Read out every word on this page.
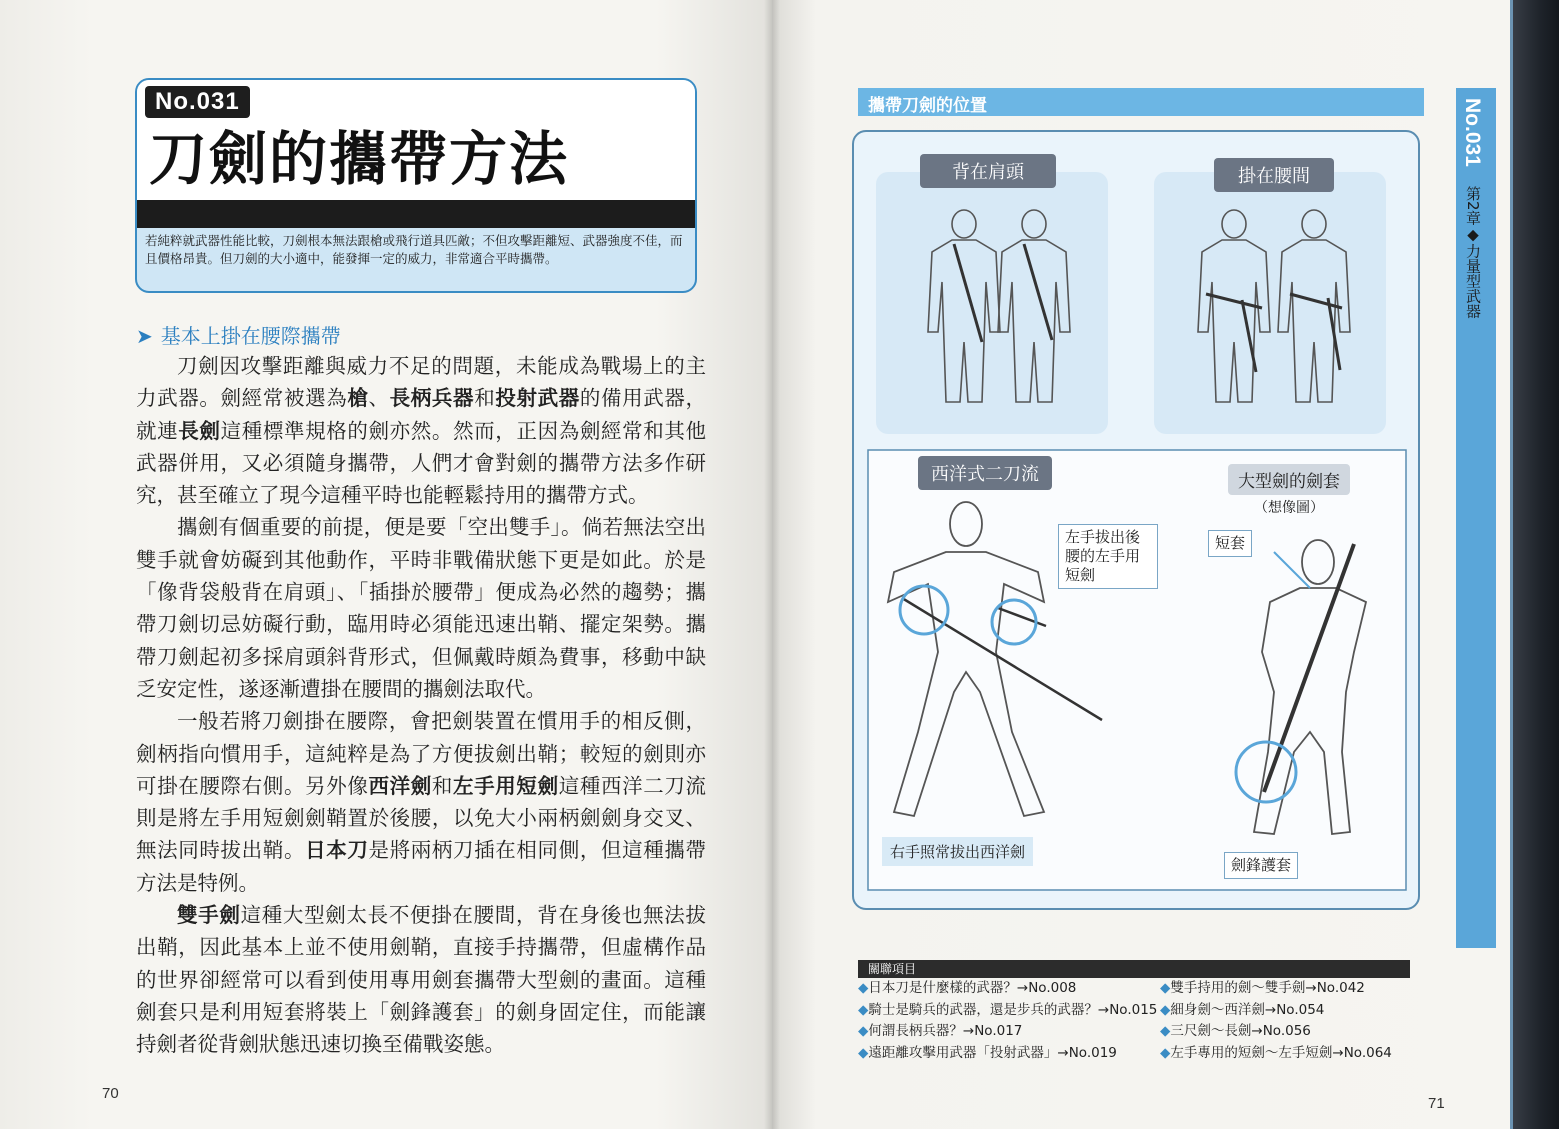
No.031
刀劍的攜帶方法
若純粹就武器性能比較，刀劍根本無法跟槍或飛行道具匹敵；不但攻擊距離短、武器強度不佳，而且價格昂貴。但刀劍的大小適中，能發揮一定的威力，非常適合平時攜帶。
➤ 基本上掛在腰際攜帶

刀劍因攻擊距離與威力不足的問題，未能成為戰場上的主力武器。劍經常被選為槍、長柄兵器和投射武器的備用武器，就連長劍這種標準規格的劍亦然。然而，正因為劍經常和其他武器併用，又必須隨身攜帶，人們才會對劍的攜帶方法多作研究，甚至確立了現今這種平時也能輕鬆持用的攜帶方式。

攜劍有個重要的前提，便是要「空出雙手」。倘若無法空出雙手就會妨礙到其他動作，平時非戰備狀態下更是如此。於是「像背袋般背在肩頭」、「插掛於腰帶」便成為必然的趨勢；攜帶刀劍切忌妨礙行動，臨用時必須能迅速出鞘、擺定架勢。攜帶刀劍起初多採肩頭斜背形式，但佩戴時頗為費事，移動中缺乏安定性，遂逐漸遭掛在腰間的攜劍法取代。

一般若將刀劍掛在腰際，會把劍裝置在慣用手的相反側，劍柄指向慣用手，這純粹是為了方便拔劍出鞘；較短的劍則亦可掛在腰際右側。另外像西洋劍和左手用短劍這種西洋二刀流則是將左手用短劍劍鞘置於後腰，以免大小兩柄劍劍身交叉、無法同時拔出鞘。日本刀是將兩柄刀插在相同側，但這種攜帶方法是特例。

雙手劍這種大型劍太長不便掛在腰間，背在身後也無法拔出鞘，因此基本上並不使用劍鞘，直接手持攜帶，但虛構作品的世界卻經常可以看到使用專用劍套攜帶大型劍的畫面。這種劍套只是利用短套將裝上「劍鋒護套」的劍身固定住，而能讓持劍者從背劍狀態迅速切換至備戰姿態。

70
攜帶刀劍的位置
背在肩頭	掛在腰間
西洋式二刀流	大型劍的劍套
（想像圖）
左手拔出後腰的左手用短劍
短套
右手照常拔出西洋劍
劍鋒護套
關聯項目
◆日本刀是什麼樣的武器？→No.008	◆雙手持用的劍～雙手劍→No.042
◆騎士是騎兵的武器，還是步兵的武器？→No.015 ◆細身劍～西洋劍→No.054
◆何謂長柄兵器？→No.017	◆三尺劍～長劍→No.056
◆遠距離攻擊用武器「投射武器」→No.019	◆左手專用的短劍～左手短劍→No.064
No.031
第2章◆力量型武器
71
